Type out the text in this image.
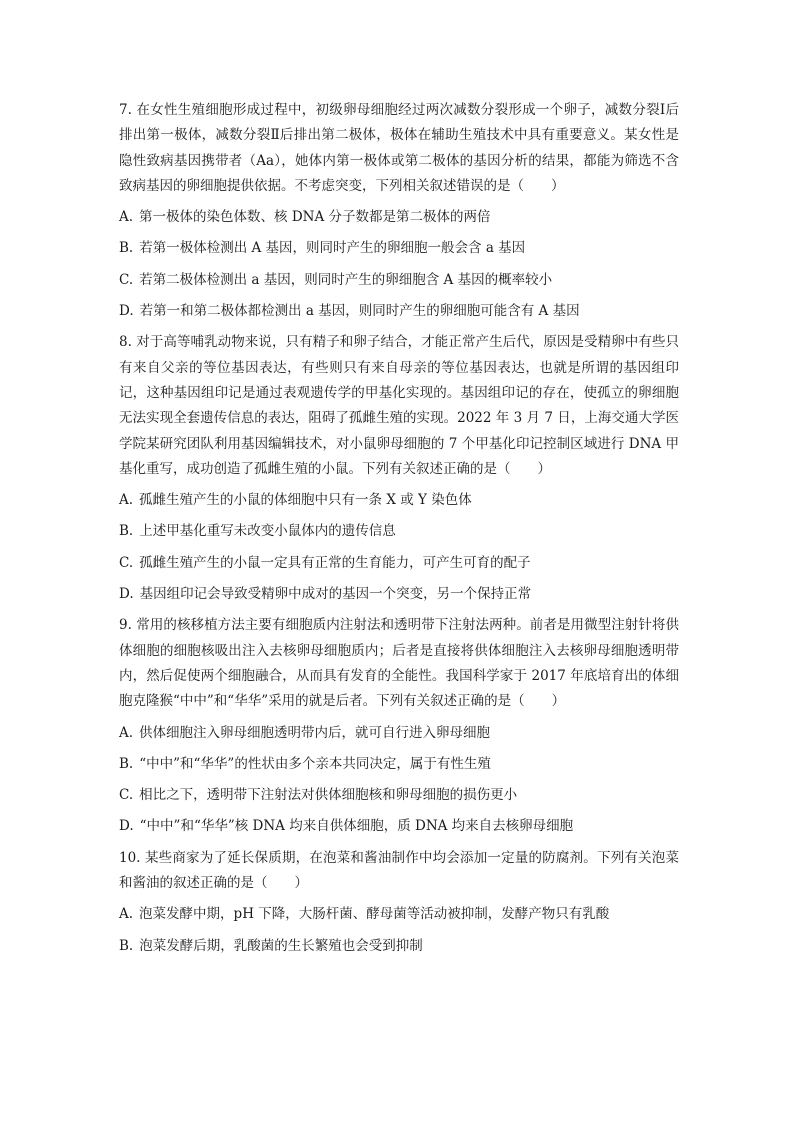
7. 在女性生殖细胞形成过程中，初级卵母细胞经过两次减数分裂形成一个卵子，减数分裂Ⅰ后排出第一极体，减数分裂Ⅱ后排出第二极体，极体在辅助生殖技术中具有重要意义。某女性是隐性致病基因携带者（Aa），她体内第一极体或第二极体的基因分析的结果，都能为筛选不含致病基因的卵细胞提供依据。不考虑突变，下列相关叙述错误的是（　　）

A. 第一极体的染色体数、核 DNA 分子数都是第二极体的两倍

B. 若第一极体检测出 A 基因，则同时产生的卵细胞一般会含 a 基因

C. 若第二极体检测出 a 基因，则同时产生的卵细胞含 A 基因的概率较小

D. 若第一和第二极体都检测出 a 基因，则同时产生的卵细胞可能含有 A 基因

8. 对于高等哺乳动物来说，只有精子和卵子结合，才能正常产生后代，原因是受精卵中有些只有来自父亲的等位基因表达，有些则只有来自母亲的等位基因表达，也就是所谓的基因组印记，这种基因组印记是通过表观遗传学的甲基化实现的。基因组印记的存在，使孤立的卵细胞无法实现全套遗传信息的表达，阻碍了孤雌生殖的实现。2022 年 3 月 7 日，上海交通大学医学院某研究团队利用基因编辑技术，对小鼠卵母细胞的 7 个甲基化印记控制区域进行 DNA 甲基化重写，成功创造了孤雌生殖的小鼠。下列有关叙述正确的是（　　）

A. 孤雌生殖产生的小鼠的体细胞中只有一条 X 或 Y 染色体

B. 上述甲基化重写未改变小鼠体内的遗传信息

C. 孤雌生殖产生的小鼠一定具有正常的生育能力，可产生可育的配子

D. 基因组印记会导致受精卵中成对的基因一个突变，另一个保持正常

9. 常用的核移植方法主要有细胞质内注射法和透明带下注射法两种。前者是用微型注射针将供体细胞的细胞核吸出注入去核卵母细胞质内；后者是直接将供体细胞注入去核卵母细胞透明带内，然后促使两个细胞融合，从而具有发育的全能性。我国科学家于 2017 年底培育出的体细胞克隆猴“中中”和“华华”采用的就是后者。下列有关叙述正确的是（　　）

A. 供体细胞注入卵母细胞透明带内后，就可自行进入卵母细胞

B. “中中”和“华华”的性状由多个亲本共同决定，属于有性生殖

C. 相比之下，透明带下注射法对供体细胞核和卵母细胞的损伤更小

D. “中中”和“华华”核 DNA 均来自供体细胞，质 DNA 均来自去核卵母细胞

10. 某些商家为了延长保质期，在泡菜和酱油制作中均会添加一定量的防腐剂。下列有关泡菜和酱油的叙述正确的是（　　）

A. 泡菜发酵中期，pH 下降，大肠杆菌、酵母菌等活动被抑制，发酵产物只有乳酸

B. 泡菜发酵后期，乳酸菌的生长繁殖也会受到抑制
